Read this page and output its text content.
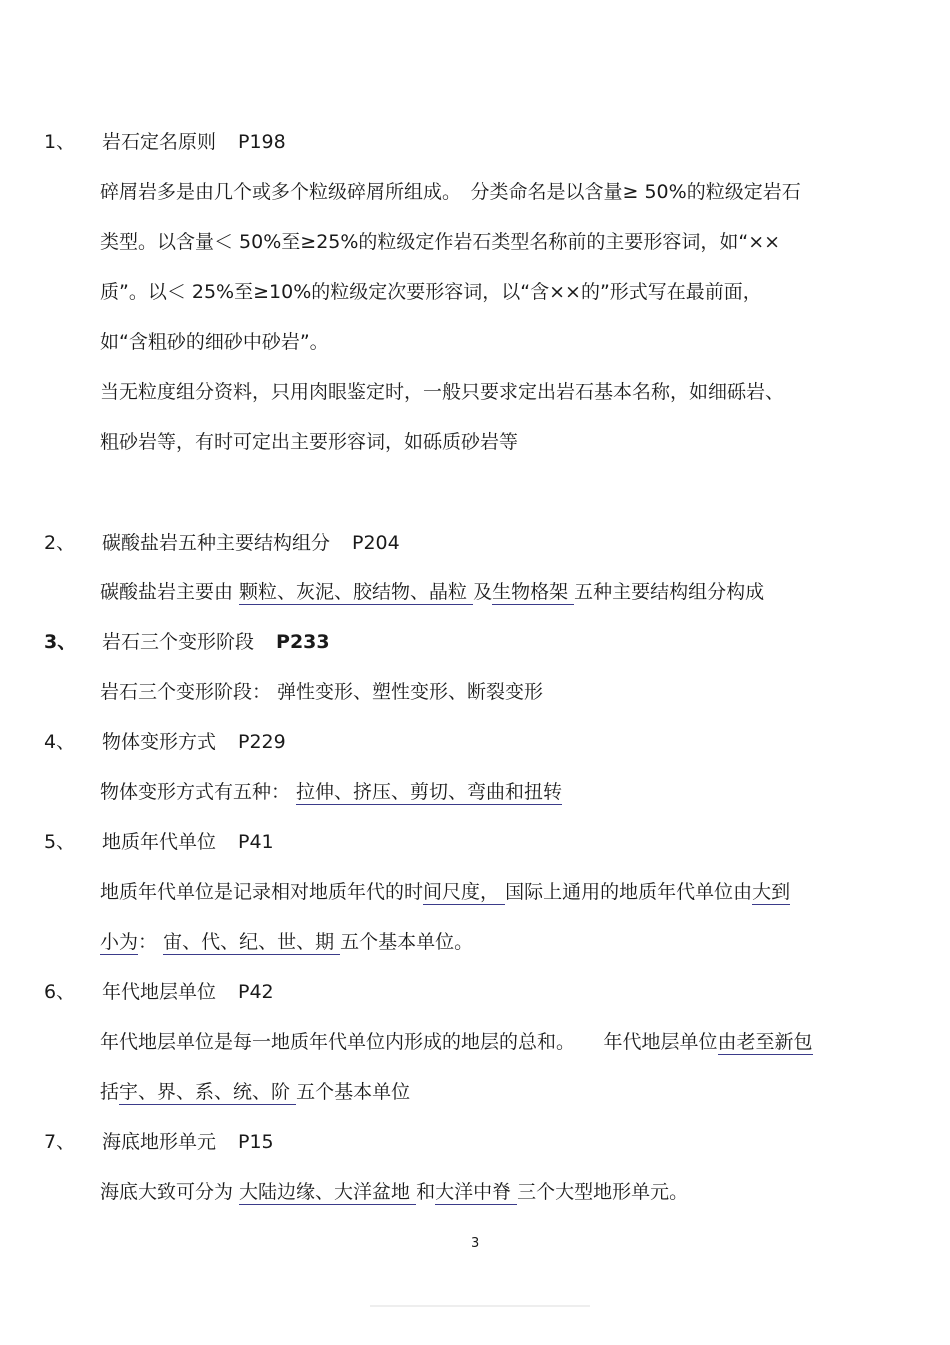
1、 岩石定名原则 P198
碎屑岩多是由几个或多个粒级碎屑所组成。　分类命名是以含量≥ 50%的粒级定岩石
类型。以含量＜ 50%至≥25%的粒级定作岩石类型名称前的主要形容词，如“××
质”。以＜ 25%至≥10%的粒级定次要形容词，以“含××的”形式写在最前面，
如“含粗砂的细砂中砂岩”。
当无粒度组分资料，只用肉眼鉴定时，一般只要求定出岩石基本名称，如细砾岩、
粗砂岩等，有时可定出主要形容词，如砾质砂岩等
2、 碳酸盐岩五种主要结构组分 P204
碳酸盐岩主要由 颗粒、灰泥、胶结物、晶粒 及生物格架 五种主要结构组分构成
3、 岩石三个变形阶段 P233
岩石三个变形阶段： 弹性变形、塑性变形、断裂变形
4、 物体变形方式 P229
物体变形方式有五种： 拉伸、挤压、剪切、弯曲和扭转
5、 地质年代单位 P41
地质年代单位是记录相对地质年代的时间尺度， 国际上通用的地质年代单位由大到
小为： 宙、代、纪、世、期 五个基本单位。
6、 年代地层单位 P42
年代地层单位是每一地质年代单位内形成的地层的总和。　　年代地层单位由老至新包
括宇、界、系、统、阶 五个基本单位
7、 海底地形单元 P15
海底大致可分为 大陆边缘、大洋盆地 和大洋中脊 三个大型地形单元。
3
